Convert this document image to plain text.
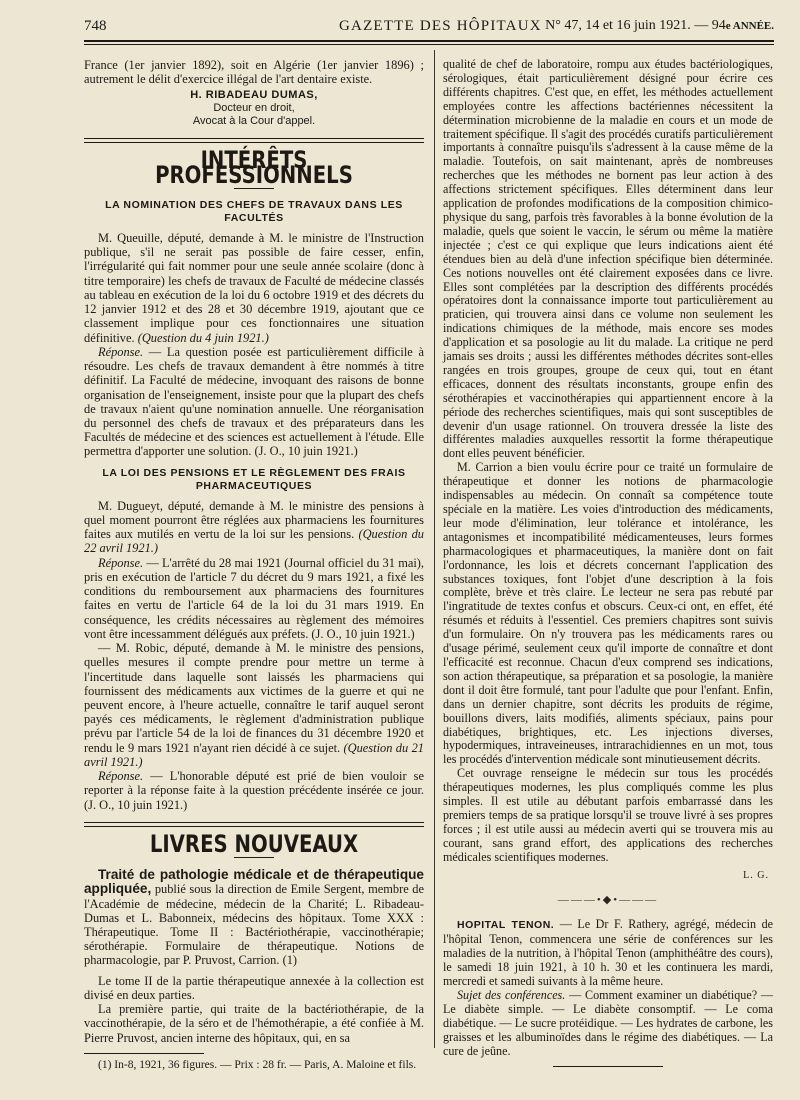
748	GAZETTE DES HÔPITAUX N° 47, 14 et 16 juin 1921. — 94e ANNÉE.

France (1er janvier 1892), soit en Algérie (1er janvier 1896) ; autrement le délit d'exercice illégal de l'art dentaire existe.

H. RIBADEAU DUMAS,
Docteur en droit,
Avocat à la Cour d'appel.
INTÉRÊTS PROFESSIONNELS
LA NOMINATION DES CHEFS DE TRAVAUX DANS LES FACULTÉS

M. Queuille, député, demande à M. le ministre de l'Instruction publique, s'il ne serait pas possible de faire cesser, enfin, l'irrégularité qui fait nommer pour une seule année scolaire (donc à titre temporaire) les chefs de travaux de Faculté de médecine classés au tableau en exécution de la loi du 6 octobre 1919 et des décrets du 12 janvier 1912 et des 28 et 30 décembre 1919, ajoutant que ce classement implique pour ces fonctionnaires une situation définitive. (Question du 4 juin 1921.)

Réponse. — La question posée est particulièrement difficile à résoudre. Les chefs de travaux demandent à être nommés à titre définitif. La Faculté de médecine, invoquant des raisons de bonne organisation de l'enseignement, insiste pour que la plupart des chefs de travaux n'aient qu'une nomination annuelle. Une réorganisation du personnel des chefs de travaux et des préparateurs dans les Facultés de médecine et des sciences est actuellement à l'étude. Elle permettra d'apporter une solution. (J. O., 10 juin 1921.)

LA LOI DES PENSIONS ET LE RÈGLEMENT DES FRAIS PHARMACEUTIQUES

M. Dugueyt, député, demande à M. le ministre des pensions à quel moment pourront être réglées aux pharmaciens les fournitures faites aux mutilés en vertu de la loi sur les pensions. (Question du 22 avril 1921.)

Réponse. — L'arrêté du 28 mai 1921 (Journal officiel du 31 mai), pris en exécution de l'article 7 du décret du 9 mars 1921, a fixé les conditions du remboursement aux pharmaciens des fournitures faites en vertu de l'article 64 de la loi du 31 mars 1919. En conséquence, les crédits nécessaires au règlement des mémoires vont être incessamment délégués aux préfets. (J. O., 10 juin 1921.)

— M. Robic, député, demande à M. le ministre des pensions, quelles mesures il compte prendre pour mettre un terme à l'incertitude dans laquelle sont laissés les pharmaciens qui fournissent des médicaments aux victimes de la guerre et qui ne peuvent encore, à l'heure actuelle, connaître le tarif auquel seront payés ces médicaments, le règlement d'administration publique prévu par l'article 54 de la loi de finances du 31 décembre 1920 et rendu le 9 mars 1921 n'ayant rien décidé à ce sujet. (Question du 21 avril 1921.)

Réponse. — L'honorable député est prié de bien vouloir se reporter à la réponse faite à la question précédente insérée ce jour. (J. O., 10 juin 1921.)

LIVRES NOUVEAUX

Traité de pathologie médicale et de thérapeutique appliquée, publié sous la direction de Emile Sergent, membre de l'Académie de médecine, médecin de la Charité; L. Ribadeau-Dumas et L. Babonneix, médecins des hôpitaux. Tome XXX : Thérapeutique. Tome II : Bactériothérapie, vaccinothérapie; sérothérapie. Formulaire de thérapeutique. Notions de pharmacologie, par P. Pruvost, Carrion. (1)

Le tome II de la partie thérapeutique annexée à la collection est divisé en deux parties.

La première partie, qui traite de la bactériothérapie, de la vaccinothérapie, de la séro et de l'hémothérapie, a été confiée à M. Pierre Pruvost, ancien interne des hôpitaux, qui, en sa

(1) In-8, 1921, 36 figures. — Prix : 28 fr. — Paris, A. Maloine et fils.

qualité de chef de laboratoire, rompu aux études bactériologiques, sérologiques, était particulièrement désigné pour écrire ces différents chapitres. C'est que, en effet, les méthodes actuellement employées contre les affections bactériennes nécessitent la détermination microbienne de la maladie en cours et un mode de traitement spécifique. Il s'agit des procédés curatifs particulièrement importants à connaître puisqu'ils s'adressent à la cause même de la maladie. Toutefois, on sait maintenant, après de nombreuses recherches que les méthodes ne bornent pas leur action à des affections strictement spécifiques. Elles déterminent dans leur application de profondes modifications de la composition chimico-physique du sang, parfois très favorables à la bonne évolution de la maladie, quels que soient le vaccin, le sérum ou même la matière injectée ; c'est ce qui explique que leurs indications aient été étendues bien au delà d'une infection spécifique bien déterminée. Ces notions nouvelles ont été clairement exposées dans ce livre. Elles sont complétées par la description des différents procédés opératoires dont la connaissance importe tout particulièrement au praticien, qui trouvera ainsi dans ce volume non seulement les indications chimiques de la méthode, mais encore ses modes d'application et sa posologie au lit du malade. La critique ne perd jamais ses droits ; aussi les différentes méthodes décrites sont-elles rangées en trois groupes, groupe de ceux qui, tout en étant efficaces, donnent des résultats inconstants, groupe enfin des sérothérapies et vaccinothérapies qui appartiennent encore à la période des recherches scientifiques, mais qui sont susceptibles de devenir d'un usage rationnel. On trouvera dressée la liste des différentes maladies auxquelles ressortit la forme thérapeutique dont elles peuvent bénéficier.

M. Carrion a bien voulu écrire pour ce traité un formulaire de thérapeutique et donner les notions de pharmacologie indispensables au médecin. On connaît sa compétence toute spéciale en la matière. Les voies d'introduction des médicaments, leur mode d'élimination, leur tolérance et intolérance, les antagonismes et incompatibilité médicamenteuses, leurs formes pharmacologiques et pharmaceutiques, la manière dont on fait l'ordonnance, les lois et décrets concernant l'application des substances toxiques, font l'objet d'une description à la fois complète, brève et très claire. Le lecteur ne sera pas rebuté par l'ingratitude de textes confus et obscurs. Ceux-ci ont, en effet, été résumés et réduits à l'essentiel. Ces premiers chapitres sont suivis d'un formulaire. On n'y trouvera pas les médicaments rares ou d'usage périmé, seulement ceux qu'il importe de connaître et dont l'efficacité est reconnue. Chacun d'eux comprend ses indications, son action thérapeutique, sa préparation et sa posologie, la manière dont il doit être formulé, tant pour l'adulte que pour l'enfant. Enfin, dans un dernier chapitre, sont décrits les produits de régime, bouillons divers, laits modifiés, aliments spéciaux, pains pour diabétiques, brightiques, etc. Les injections diverses, hypodermiques, intraveineuses, intrarachidiennes en un mot, tous les procédés d'intervention médicale sont minutieusement décrits.

Cet ouvrage renseigne le médecin sur tous les procédés thérapeutiques modernes, les plus compliqués comme les plus simples. Il est utile au débutant parfois embarrassé dans les premiers temps de sa pratique lorsqu'il se trouve livré à ses propres forces ; il est utile aussi au médecin averti qui se trouvera mis au courant, sans grand effort, des applications des recherches médicales scientifiques modernes.

L. G.
———•◆•———

HOPITAL TENON. — Le Dr F. Rathery, agrégé, médecin de l'hôpital Tenon, commencera une série de conférences sur les maladies de la nutrition, à l'hôpital Tenon (amphithéâtre des cours), le samedi 18 juin 1921, à 10 h. 30 et les continuera les mardi, mercredi et samedi suivants à la même heure.

Sujet des conférences. — Comment examiner un diabétique? — Le diabète simple. — Le diabète consomptif. — Le coma diabétique. — Le sucre protéidique. — Les hydrates de carbone, les graisses et les albuminoïdes dans le régime des diabétiques. — La cure de jeûne.
